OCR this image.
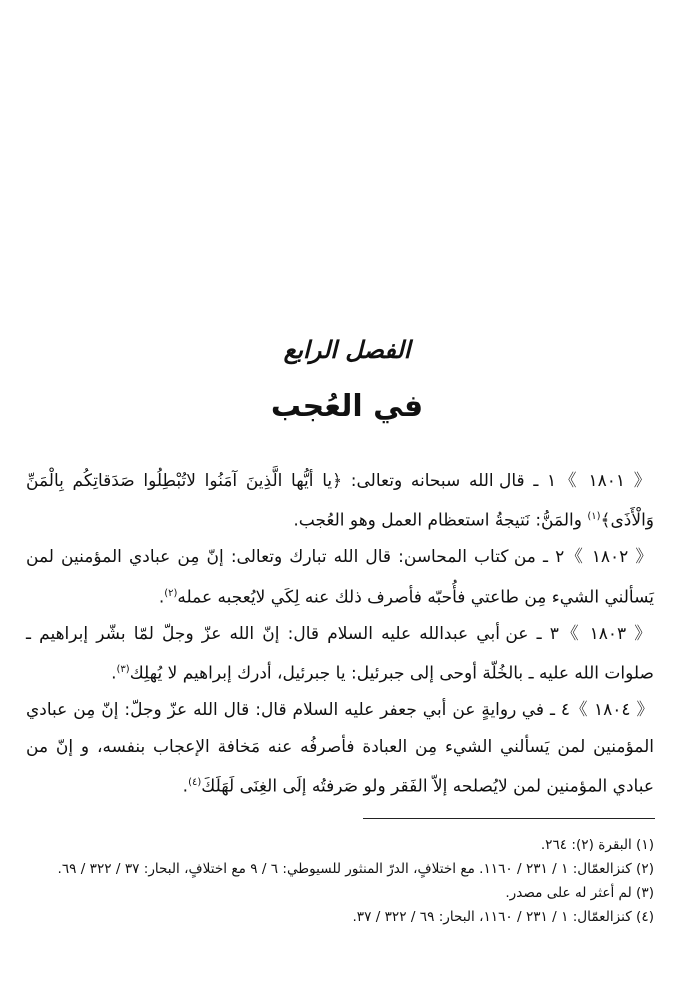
الفصل الرابع
في العُجب

《 ١٨٠١ 》١ ـ قال الله سبحانه وتعالى: ﴿يا أيُّها الَّذِينَ آمَنُوا لاتُبْطِلُوا صَدَقاتِكُم بِالْمَنِّ وَالْأَذَى﴾$^{(١)}$ والمَنُّ: نَتيجةُ استعظام العمل وهو العُجب.

《 ١٨٠٢ 》٢ ـ من كتاب المحاسن: قال الله تبارك وتعالى: إنّ مِن عبادي المؤمنين لمن يَسألني الشيء مِن طاعتي فأُحبّه فأصرف ذلك عنه لِكَي لايُعجبه عمله$^{(٢)}$.

《 ١٨٠٣ 》٣ ـ عن أبي عبدالله عليه السلام قال: إنّ الله عزّ وجلّ لمّا بشّر إبراهيم ـ صلوات الله عليه ـ بالخُلّة أوحى إلى جبرئيل: يا جبرئيل، أدرك إبراهيم لا يُهلِك$^{(٣)}$.

《 ١٨٠٤ 》٤ ـ في روايةٍ عن أبي جعفر عليه السلام قال: قال الله عزّ وجلّ: إنّ مِن عبادي المؤمنين لمن يَسألني الشيء مِن العبادة فأصرفُه عنه مَخافة الإعجاب بنفسه، و إنّ من عبادي المؤمنين لمن لايُصلحه إلاّ الفَقر ولو صَرفتُه إلَى الغِنَى لَهَلَكَ$^{(٤)}$.

(١) البقرة (٢): ٢٦٤.

(٢) كنزالعمّال: ١ / ٢٣١ / ١١٦٠. مع اختلافٍ، الدرّ المنثور للسيوطي: ٦ / ٩ مع اختلافٍ، البحار: ٣٧ / ٣٢٢ / ٦٩.

(٣) لم أعثر له على مصدر.

(٤) كنزالعمّال: ١ / ٢٣١ / ١١٦٠، البحار: ٦٩ / ٣٢٢ / ٣٧.
